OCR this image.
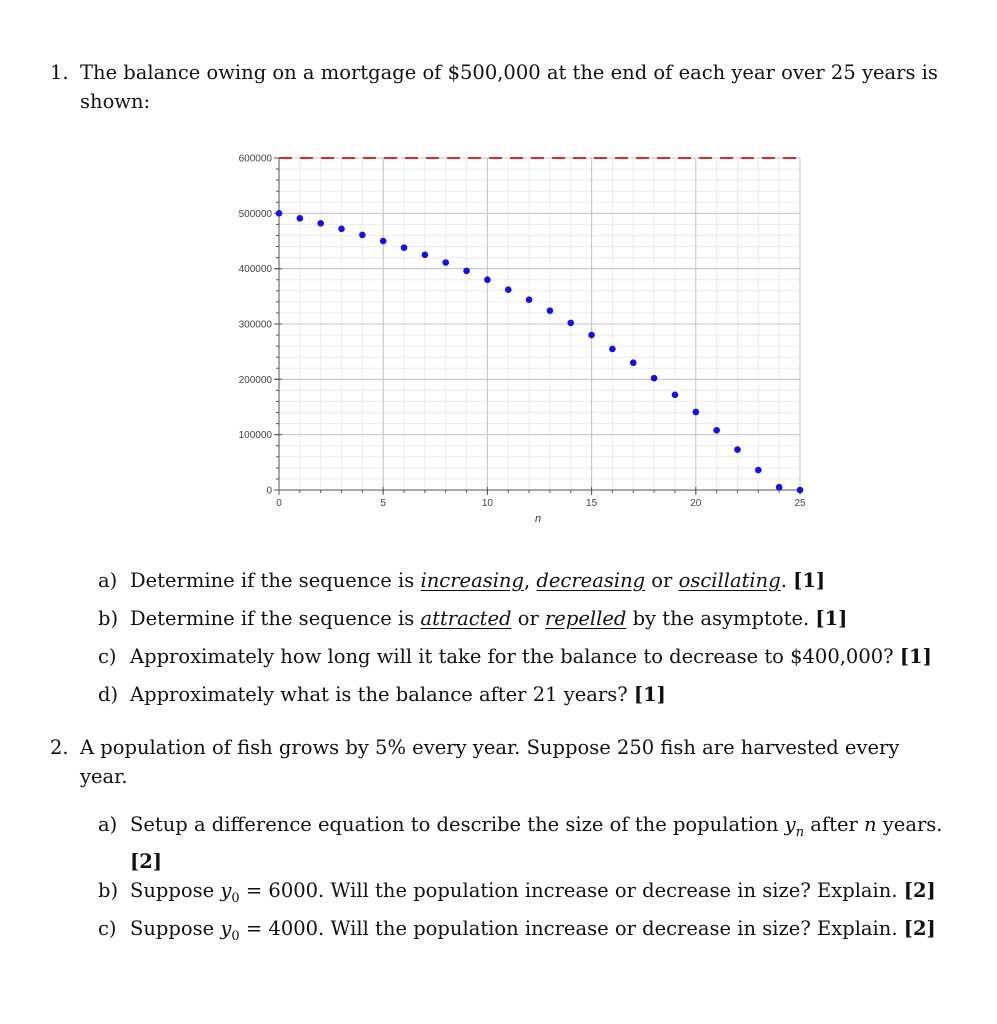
1. The balance owing on a mortgage of $500,000 at the end of each year over 25 years is shown:
0	5	10	15	20	25
0
100000
200000
300000
400000
500000
600000
n
a) Determine if the sequence is increasing, decreasing or oscillating. [1]
b) Determine if the sequence is attracted or repelled by the asymptote. [1]
c) Approximately how long will it take for the balance to decrease to $400,000? [1]
d) Approximately what is the balance after 21 years? [1]
2. A population of fish grows by 5% every year. Suppose 250 fish are harvested every year.
a) Setup a difference equation to describe the size of the population $y_n$ after n years.
[2]
b) Suppose $y_0 = 6000$. Will the population increase or decrease in size? Explain. [2]
c) Suppose $y_0 = 4000$. Will the population increase or decrease in size? Explain. [2]
